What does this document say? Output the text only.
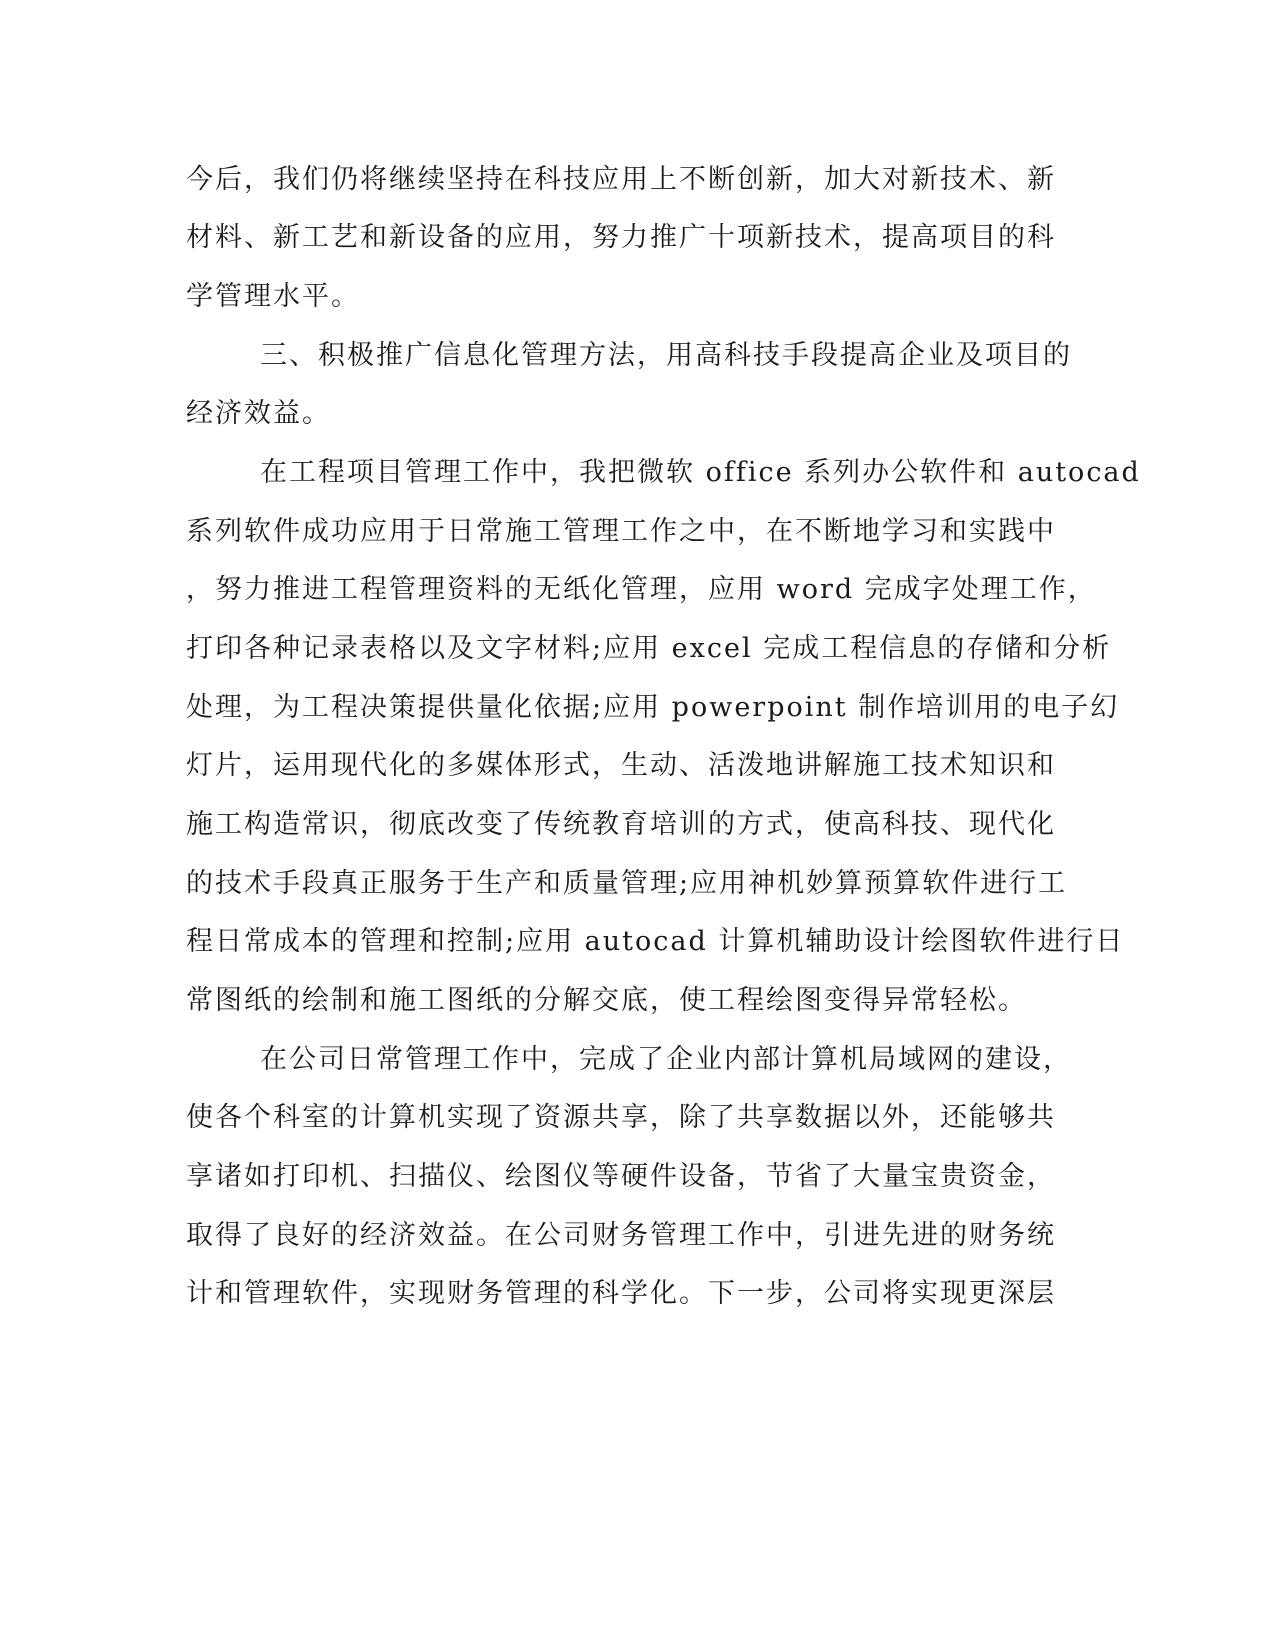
今后，我们仍将继续坚持在科技应用上不断创新，加大对新技术、新
材料、新工艺和新设备的应用，努力推广十项新技术，提高项目的科
学管理水平。
三、积极推广信息化管理方法，用高科技手段提高企业及项目的
经济效益。
在工程项目管理工作中，我把微软 office 系列办公软件和 autocad
系列软件成功应用于日常施工管理工作之中，在不断地学习和实践中
，努力推进工程管理资料的无纸化管理，应用 word 完成字处理工作，
打印各种记录表格以及文字材料;应用 excel 完成工程信息的存储和分析
处理，为工程决策提供量化依据;应用 powerpoint 制作培训用的电子幻
灯片，运用现代化的多媒体形式，生动、活泼地讲解施工技术知识和
施工构造常识，彻底改变了传统教育培训的方式，使高科技、现代化
的技术手段真正服务于生产和质量管理;应用神机妙算预算软件进行工
程日常成本的管理和控制;应用 autocad 计算机辅助设计绘图软件进行日
常图纸的绘制和施工图纸的分解交底，使工程绘图变得异常轻松。
在公司日常管理工作中，完成了企业内部计算机局域网的建设，
使各个科室的计算机实现了资源共享，除了共享数据以外，还能够共
享诸如打印机、扫描仪、绘图仪等硬件设备，节省了大量宝贵资金，
取得了良好的经济效益。在公司财务管理工作中，引进先进的财务统
计和管理软件，实现财务管理的科学化。下一步，公司将实现更深层
